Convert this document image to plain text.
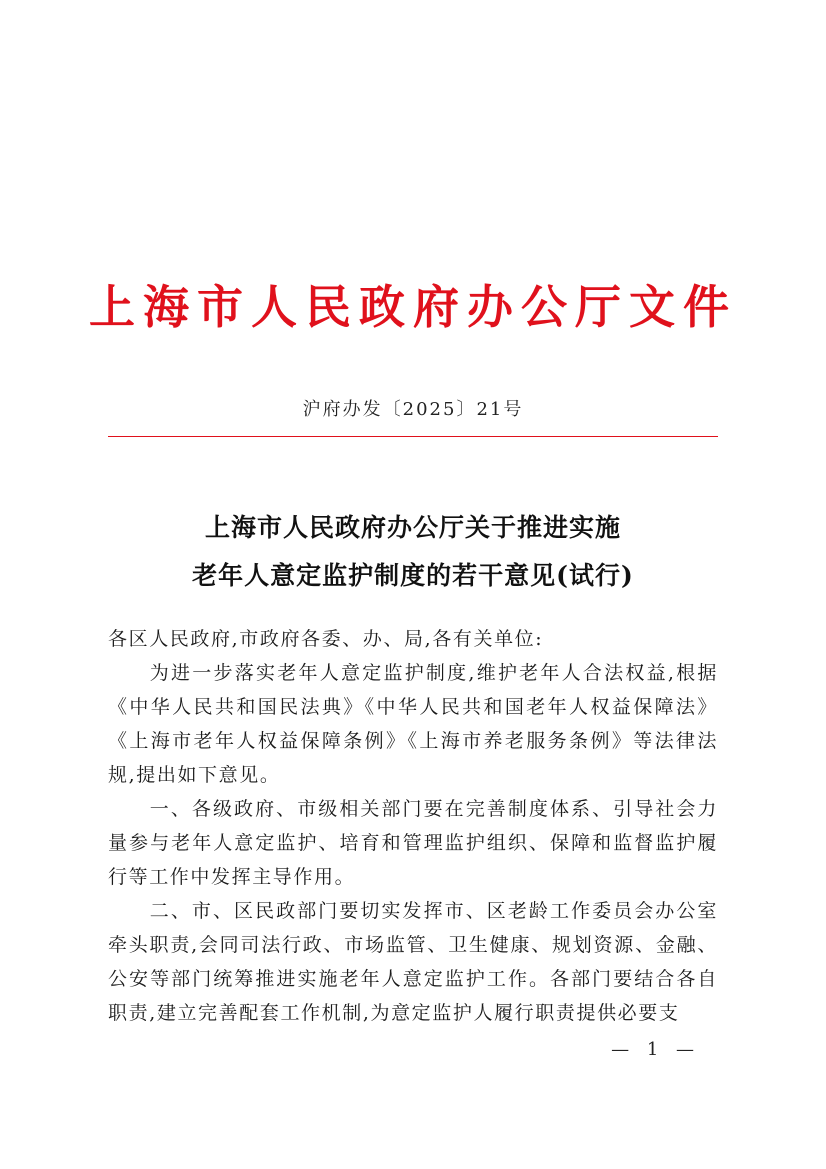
上海市人民政府办公厅文件
沪府办发〔2025〕21号
上海市人民政府办公厅关于推进实施
老年人意定监护制度的若干意见(试行)

各区人民政府,市政府各委、办、局,各有关单位:

为进一步落实老年人意定监护制度,维护老年人合法权益,根据《中华人民共和国民法典》《中华人民共和国老年人权益保障法》《上海市老年人权益保障条例》《上海市养老服务条例》等法律法规,提出如下意见。

一、各级政府、市级相关部门要在完善制度体系、引导社会力量参与老年人意定监护、培育和管理监护组织、保障和监督监护履行等工作中发挥主导作用。

二、市、区民政部门要切实发挥市、区老龄工作委员会办公室牵头职责,会同司法行政、市场监管、卫生健康、规划资源、金融、公安等部门统筹推进实施老年人意定监护工作。各部门要结合各自职责,建立完善配套工作机制,为意定监护人履行职责提供必要支

— 1 —
